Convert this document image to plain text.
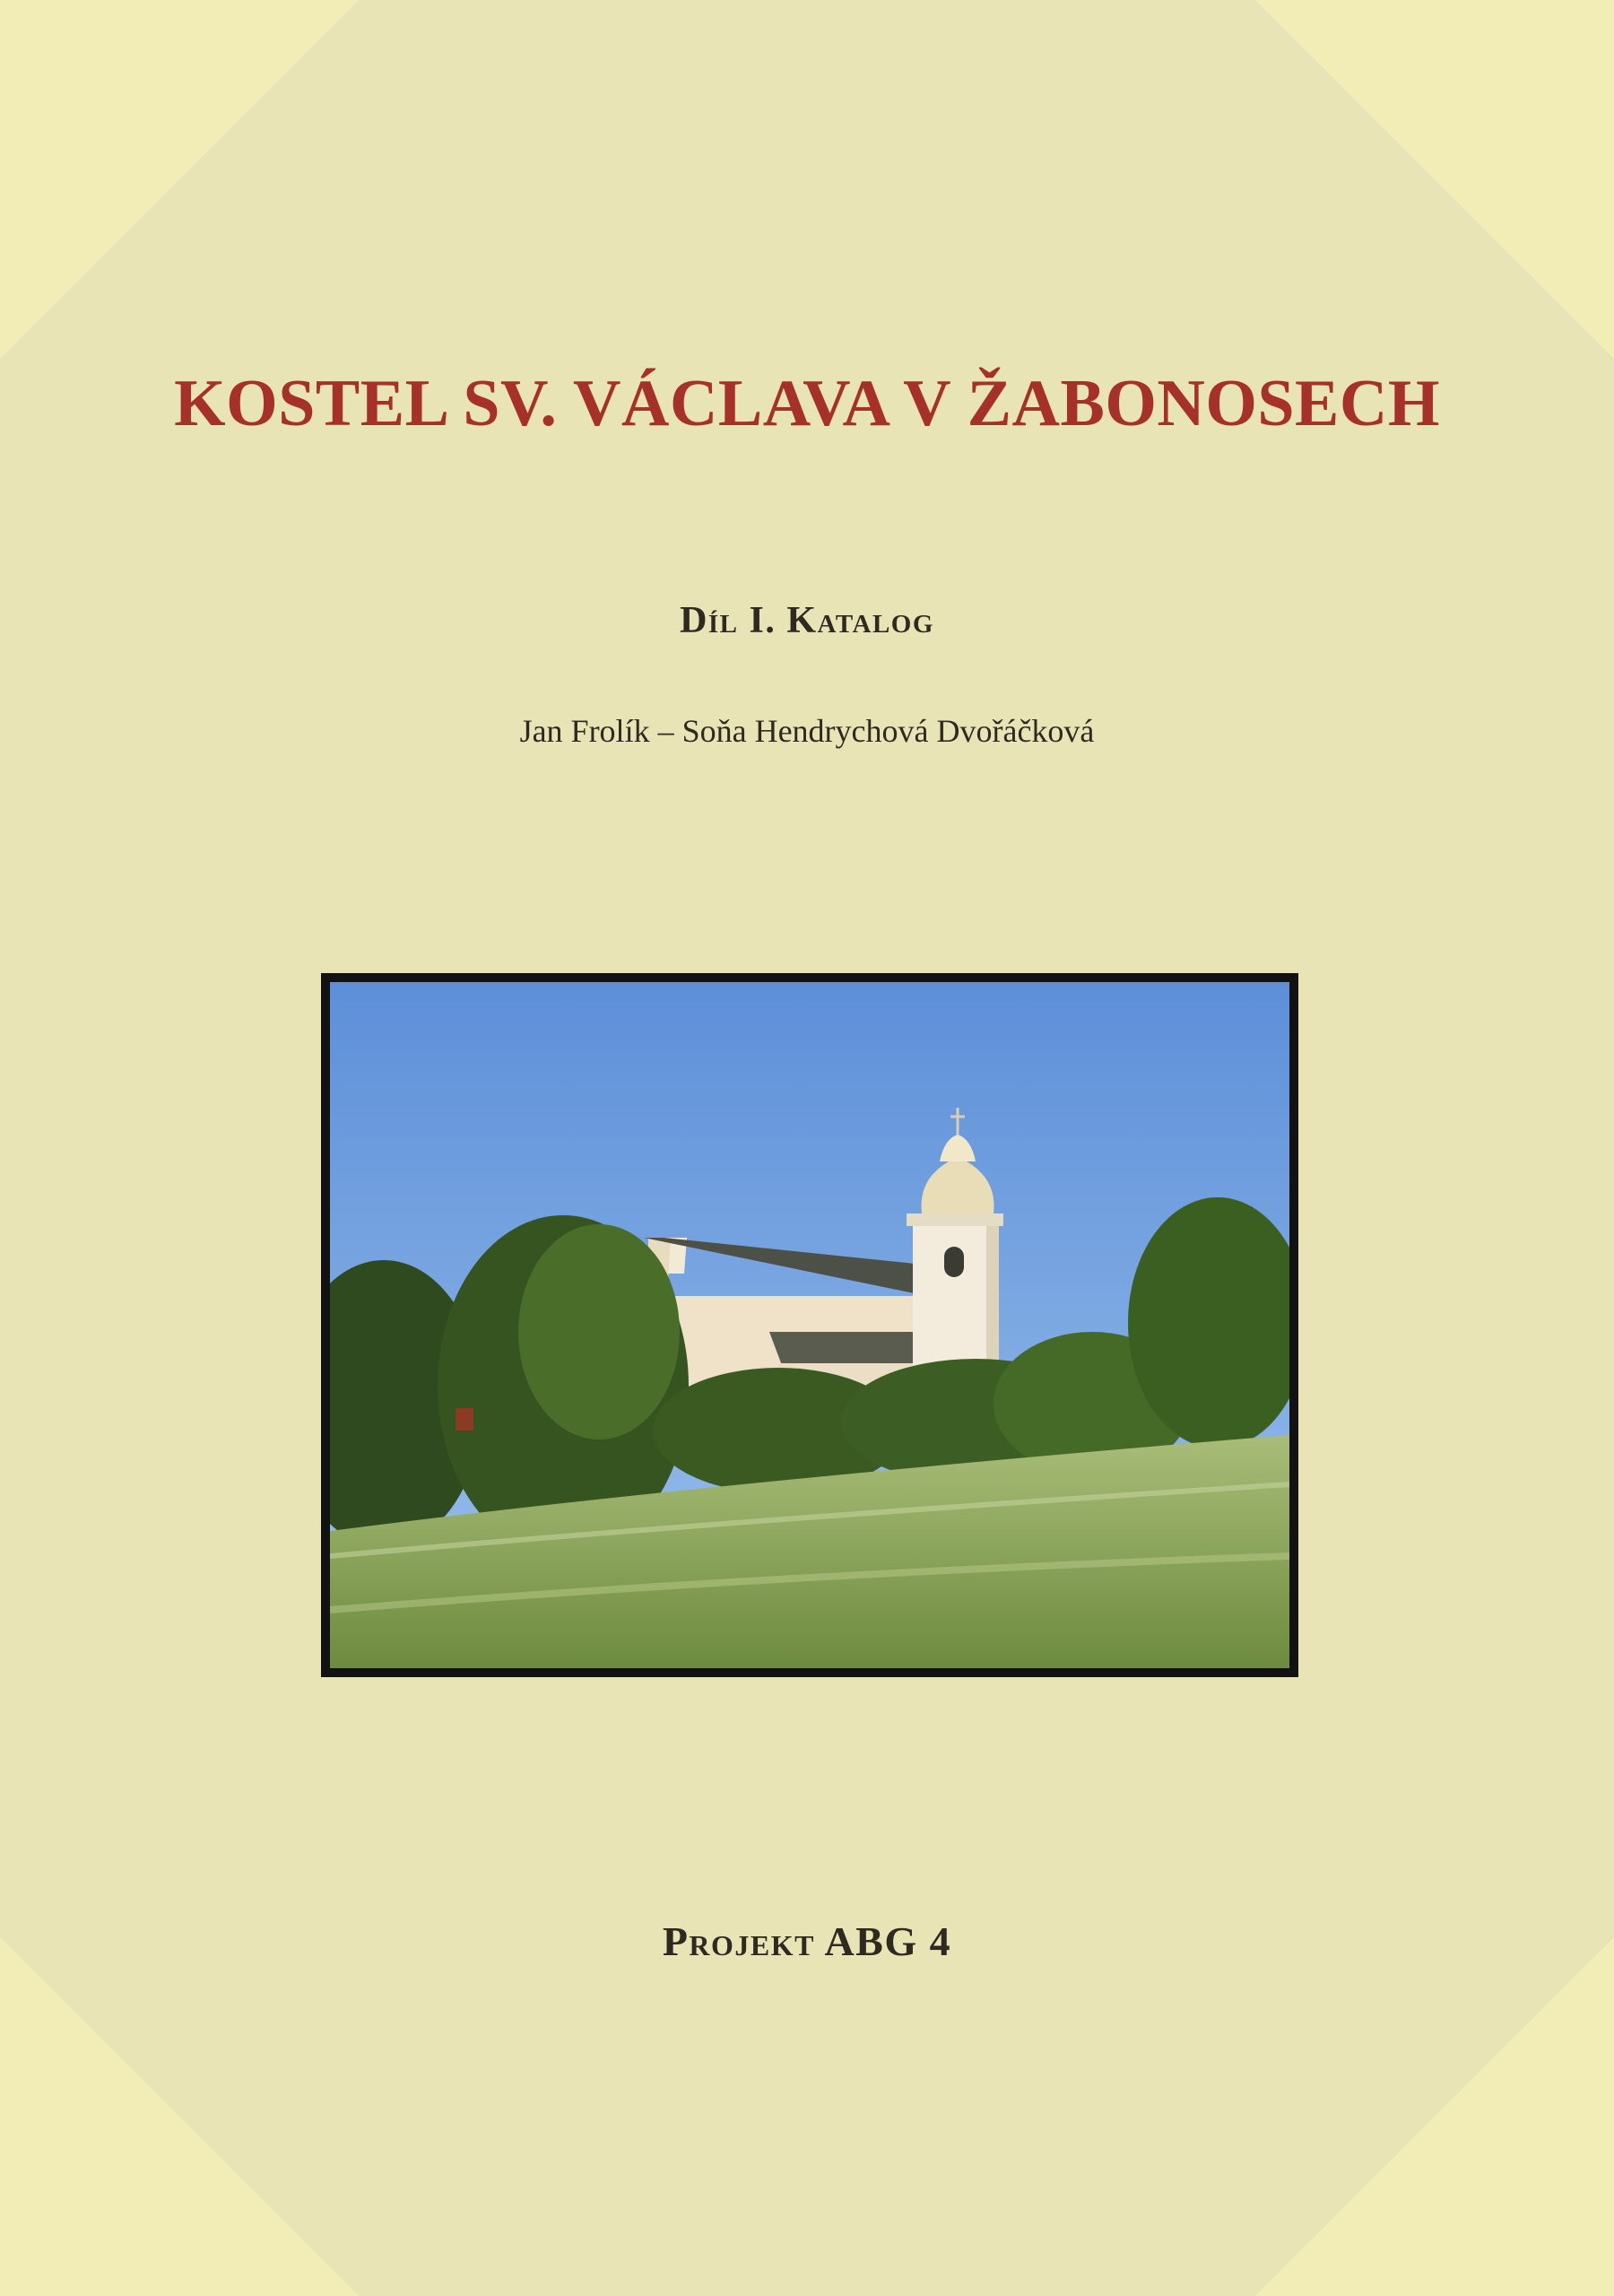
KOSTEL SV. VÁCLAVA V ŽABONOSECH
Díl I. Katalog
Jan Frolík – Soňa Hendrychová Dvořáčková
Projekt ABG 4
